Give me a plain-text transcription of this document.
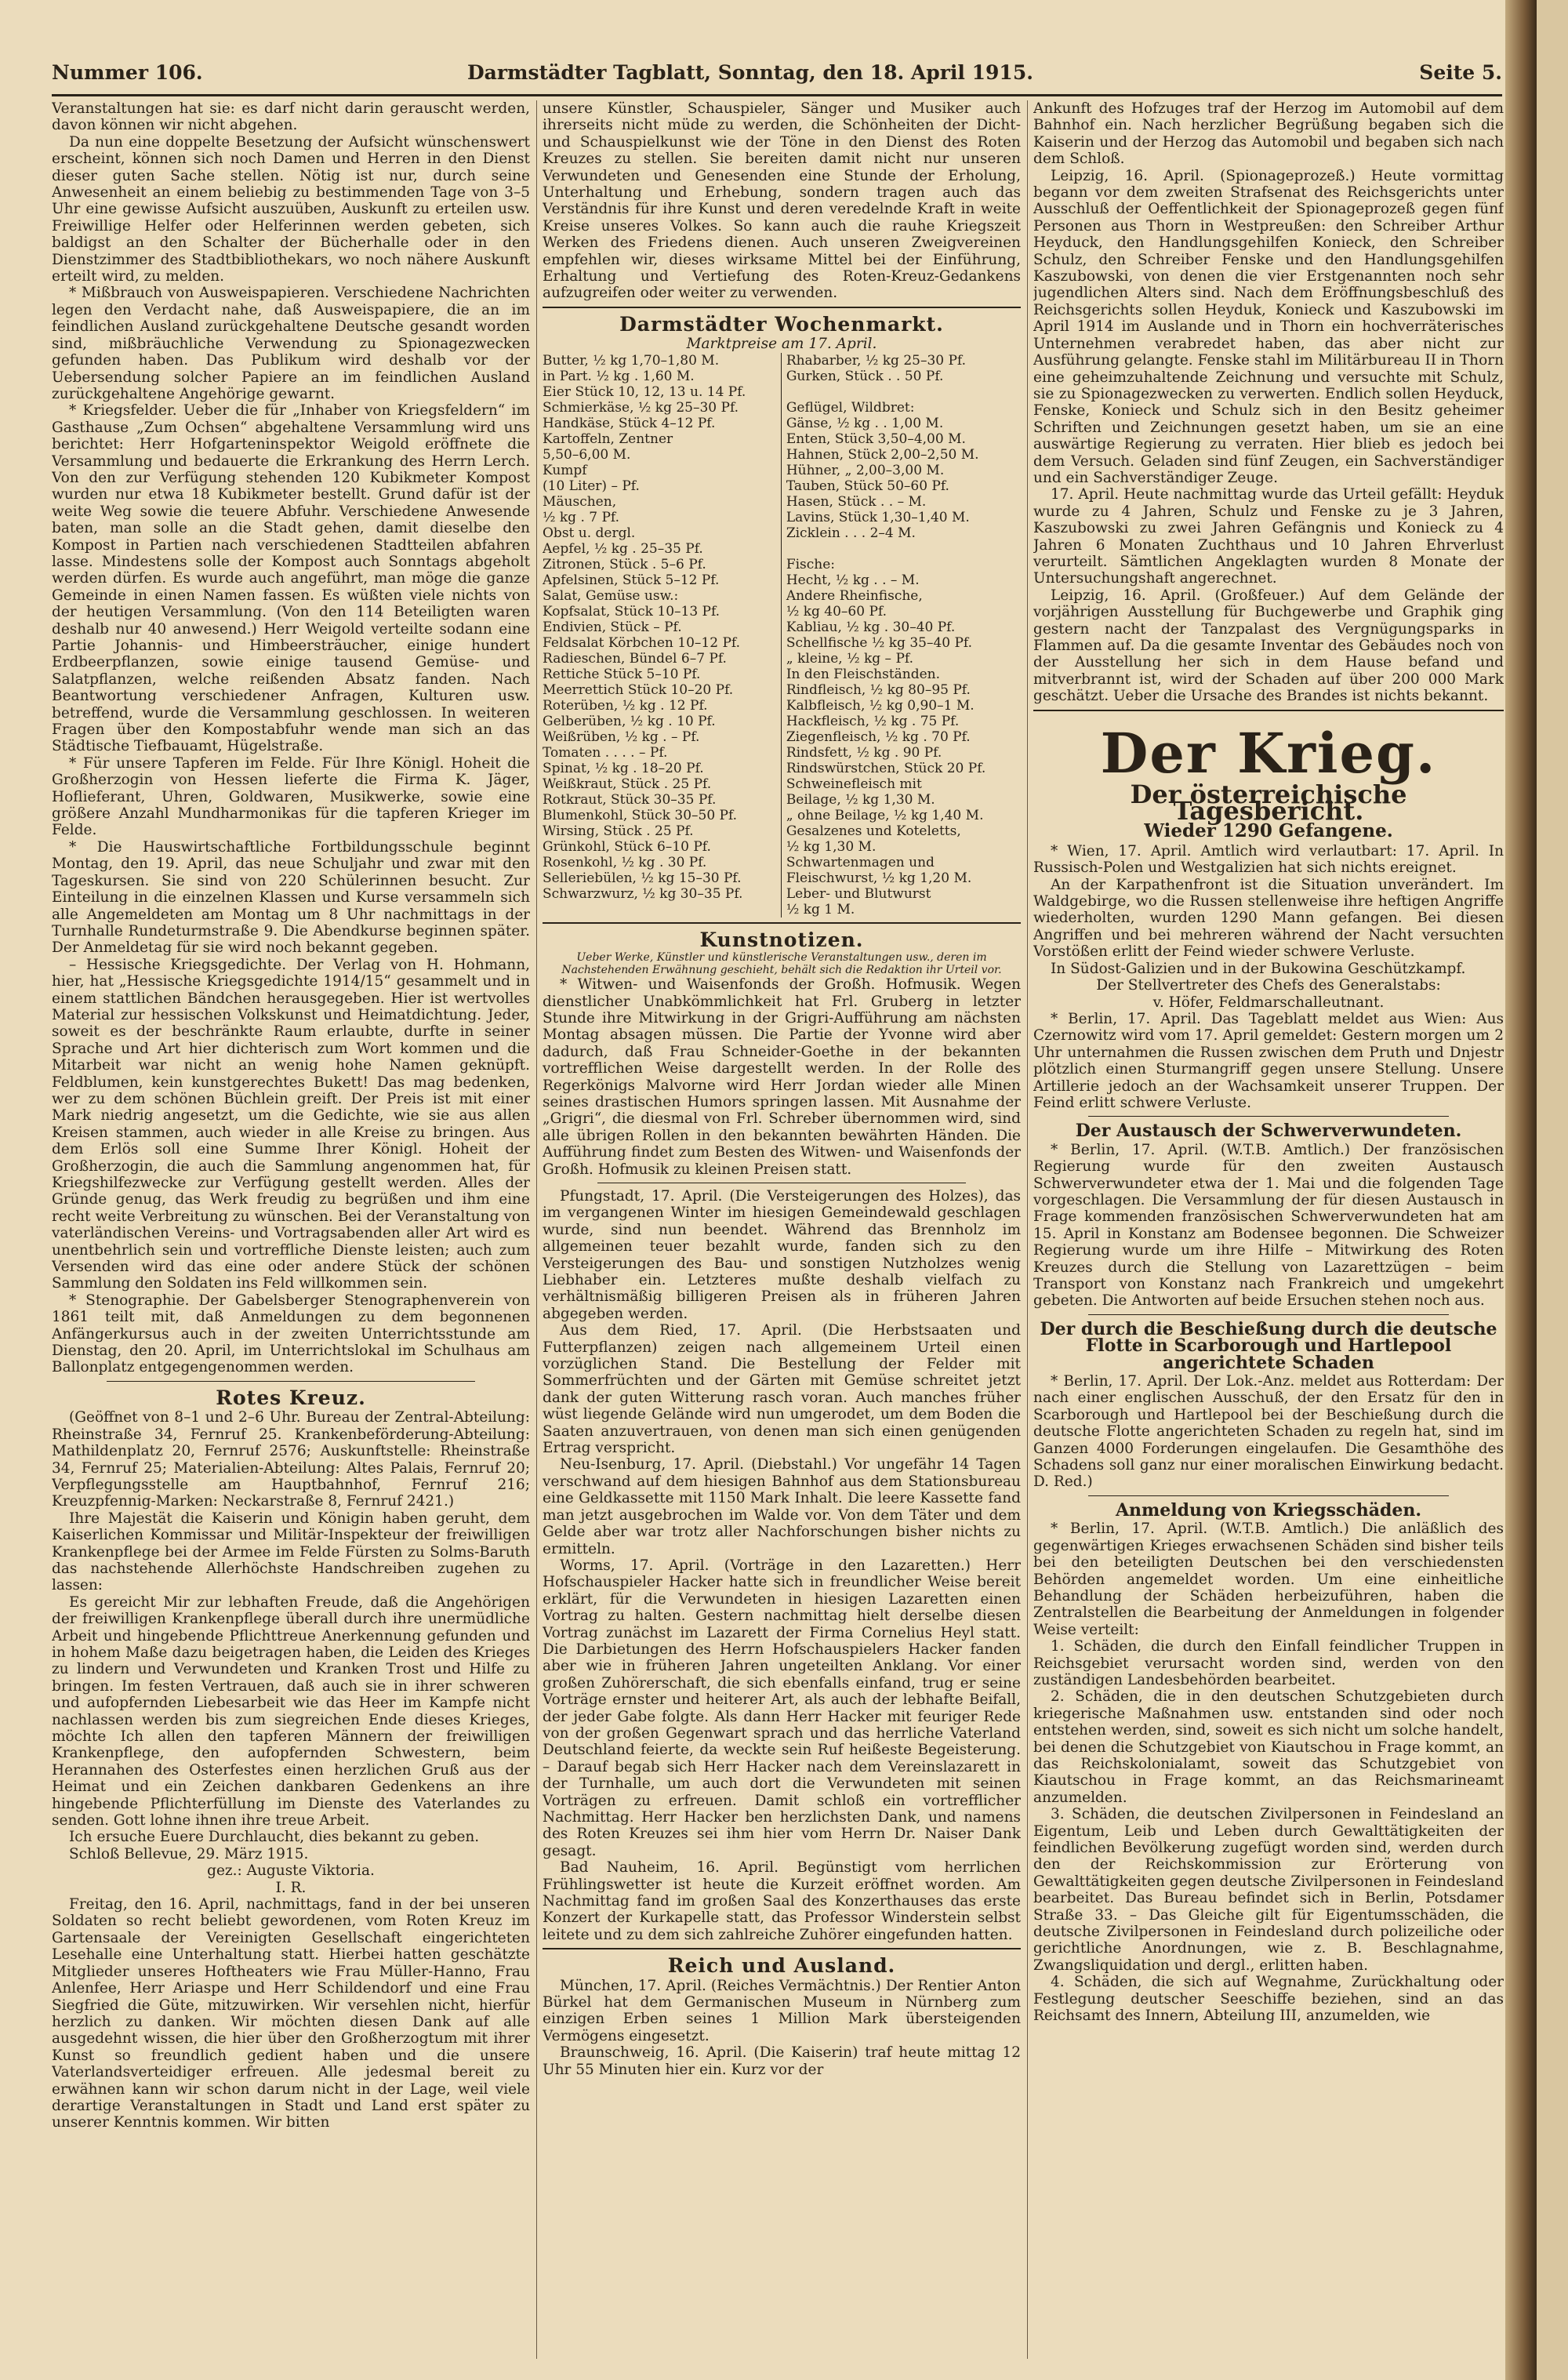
Nummer 106.	Darmstädter Tagblatt, Sonntag, den 18. April 1915.	Seite 5.

Veranstaltungen hat sie: es darf nicht darin gerauscht werden, davon können wir nicht abgehen.

Da nun eine doppelte Besetzung der Aufsicht wünschenswert erscheint, können sich noch Damen und Herren in den Dienst dieser guten Sache stellen. Nötig ist nur, durch seine Anwesenheit an einem beliebig zu bestimmenden Tage von 3–5 Uhr eine gewisse Aufsicht auszuüben, Auskunft zu erteilen usw. Freiwillige Helfer oder Helferinnen werden gebeten, sich baldigst an den Schalter der Bücherhalle oder in den Dienstzimmer des Stadtbibliothekars, wo noch nähere Auskunft erteilt wird, zu melden.

* Mißbrauch von Ausweispapieren. Verschiedene Nachrichten legen den Verdacht nahe, daß Ausweispapiere, die an im feindlichen Ausland zurückgehaltene Deutsche gesandt worden sind, mißbräuchliche Verwendung zu Spionagezwecken gefunden haben. Das Publikum wird deshalb vor der Uebersendung solcher Papiere an im feindlichen Ausland zurückgehaltene Angehörige gewarnt.

* Kriegsfelder. Ueber die für „Inhaber von Kriegsfeldern“ im Gasthause „Zum Ochsen“ abgehaltene Versammlung wird uns berichtet: Herr Hofgarteninspektor Weigold eröffnete die Versammlung und bedauerte die Erkrankung des Herrn Lerch. Von den zur Verfügung stehenden 120 Kubikmeter Kompost wurden nur etwa 18 Kubikmeter bestellt. Grund dafür ist der weite Weg sowie die teuere Abfuhr. Verschiedene Anwesende baten, man solle an die Stadt gehen, damit dieselbe den Kompost in Partien nach verschiedenen Stadtteilen abfahren lasse. Mindestens solle der Kompost auch Sonntags abgeholt werden dürfen. Es wurde auch angeführt, man möge die ganze Gemeinde in einen Namen fassen. Es wüßten viele nichts von der heutigen Versammlung. (Von den 114 Beteiligten waren deshalb nur 40 anwesend.) Herr Weigold verteilte sodann eine Partie Johannis- und Himbeersträucher, einige hundert Erdbeerpflanzen, sowie einige tausend Gemüse- und Salatpflanzen, welche reißenden Absatz fanden. Nach Beantwortung verschiedener Anfragen, Kulturen usw. betreffend, wurde die Versammlung geschlossen. In weiteren Fragen über den Kompostabfuhr wende man sich an das Städtische Tiefbauamt, Hügelstraße.

* Für unsere Tapferen im Felde. Für Ihre Königl. Hoheit die Großherzogin von Hessen lieferte die Firma K. Jäger, Hoflieferant, Uhren, Goldwaren, Musikwerke, sowie eine größere Anzahl Mundharmonikas für die tapferen Krieger im Felde.

* Die Hauswirtschaftliche Fortbildungsschule beginnt Montag, den 19. April, das neue Schuljahr und zwar mit den Tageskursen. Sie sind von 220 Schülerinnen besucht. Zur Einteilung in die einzelnen Klassen und Kurse versammeln sich alle Angemeldeten am Montag um 8 Uhr nachmittags in der Turnhalle Rundeturmstraße 9. Die Abendkurse beginnen später. Der Anmeldetag für sie wird noch bekannt gegeben.

– Hessische Kriegsgedichte. Der Verlag von H. Hohmann, hier, hat „Hessische Kriegsgedichte 1914/15“ gesammelt und in einem stattlichen Bändchen herausgegeben. Hier ist wertvolles Material zur hessischen Volkskunst und Heimatdichtung. Jeder, soweit es der beschränkte Raum erlaubte, durfte in seiner Sprache und Art hier dichterisch zum Wort kommen und die Mitarbeit war nicht an wenig hohe Namen geknüpft. Feldblumen, kein kunstgerechtes Bukett! Das mag bedenken, wer zu dem schönen Büchlein greift. Der Preis ist mit einer Mark niedrig angesetzt, um die Gedichte, wie sie aus allen Kreisen stammen, auch wieder in alle Kreise zu bringen. Aus dem Erlös soll eine Summe Ihrer Königl. Hoheit der Großherzogin, die auch die Sammlung angenommen hat, für Kriegshilfezwecke zur Verfügung gestellt werden. Alles der Gründe genug, das Werk freudig zu begrüßen und ihm eine recht weite Verbreitung zu wünschen. Bei der Veranstaltung von vaterländischen Vereins- und Vortragsabenden aller Art wird es unentbehrlich sein und vortreffliche Dienste leisten; auch zum Versenden wird das eine oder andere Stück der schönen Sammlung den Soldaten ins Feld willkommen sein.

* Stenographie. Der Gabelsberger Stenographenverein von 1861 teilt mit, daß Anmeldungen zu dem begonnenen Anfängerkursus auch in der zweiten Unterrichtsstunde am Dienstag, den 20. April, im Unterrichtslokal im Schulhaus am Ballonplatz entgegengenommen werden.

Rotes Kreuz.

(Geöffnet von 8–1 und 2–6 Uhr. Bureau der Zentral-Abteilung: Rheinstraße 34, Fernruf 25. Krankenbeförderung-Abteilung: Mathildenplatz 20, Fernruf 2576; Auskunftstelle: Rheinstraße 34, Fernruf 25; Materialien-Abteilung: Altes Palais, Fernruf 20; Verpflegungsstelle am Hauptbahnhof, Fernruf 216; Kreuzpfennig-Marken: Neckarstraße 8, Fernruf 2421.)

Ihre Majestät die Kaiserin und Königin haben geruht, dem Kaiserlichen Kommissar und Militär-Inspekteur der freiwilligen Krankenpflege bei der Armee im Felde Fürsten zu Solms-Baruth das nachstehende Allerhöchste Handschreiben zugehen zu lassen:

Es gereicht Mir zur lebhaften Freude, daß die Angehörigen der freiwilligen Krankenpflege überall durch ihre unermüdliche Arbeit und hingebende Pflichttreue Anerkennung gefunden und in hohem Maße dazu beigetragen haben, die Leiden des Krieges zu lindern und Verwundeten und Kranken Trost und Hilfe zu bringen. Im festen Vertrauen, daß auch sie in ihrer schweren und aufopfernden Liebesarbeit wie das Heer im Kampfe nicht nachlassen werden bis zum siegreichen Ende dieses Krieges, möchte Ich allen den tapferen Männern der freiwilligen Krankenpflege, den aufopfernden Schwestern, beim Herannahen des Osterfestes einen herzlichen Gruß aus der Heimat und ein Zeichen dankbaren Gedenkens an ihre hingebende Pflichterfüllung im Dienste des Vaterlandes zu senden. Gott lohne ihnen ihre treue Arbeit.

Ich ersuche Euere Durchlaucht, dies bekannt zu geben.

Schloß Bellevue, 29. März 1915.

gez.: Auguste Viktoria.

I. R.

Freitag, den 16. April, nachmittags, fand in der bei unseren Soldaten so recht beliebt gewordenen, vom Roten Kreuz im Gartensaale der Vereinigten Gesellschaft eingerichteten Lesehalle eine Unterhaltung statt. Hierbei hatten geschätzte Mitglieder unseres Hoftheaters wie Frau Müller-Hanno, Frau Anlenfee, Herr Ariaspe und Herr Schildendorf und eine Frau Siegfried die Güte, mitzuwirken. Wir versehlen nicht, hierfür herzlich zu danken. Wir möchten diesen Dank auf alle ausgedehnt wissen, die hier über den Großherzogtum mit ihrer Kunst so freundlich gedient haben und die unsere Vaterlandsverteidiger erfreuen. Alle jedesmal bereit zu erwähnen kann wir schon darum nicht in der Lage, weil viele derartige Veranstaltungen in Stadt und Land erst später zu unserer Kenntnis kommen. Wir bitten

unsere Künstler, Schauspieler, Sänger und Musiker auch ihrerseits nicht müde zu werden, die Schönheiten der Dicht- und Schauspielkunst wie der Töne in den Dienst des Roten Kreuzes zu stellen. Sie bereiten damit nicht nur unseren Verwundeten und Genesenden eine Stunde der Erholung, Unterhaltung und Erhebung, sondern tragen auch das Verständnis für ihre Kunst und deren veredelnde Kraft in weite Kreise unseres Volkes. So kann auch die rauhe Kriegszeit Werken des Friedens dienen. Auch unseren Zweigvereinen empfehlen wir, dieses wirksame Mittel bei der Einführung, Erhaltung und Vertiefung des Roten-Kreuz-Gedankens aufzugreifen oder weiter zu verwenden.

Darmstädter Wochenmarkt.
Marktpreise am 17. April.
Butter, ½ kg 1,70–1,80 M.	Rhabarber, ½ kg 25–30 Pf.
in Part. ½ kg . 1,60 M.	Gurken, Stück . . 50 Pf.
Eier Stück 10, 12, 13 u. 14 Pf.	
Schmierkäse, ½ kg 25–30 Pf.	Geflügel, Wildbret:
Handkäse, Stück 4–12 Pf.	Gänse, ½ kg . . 1,00 M.
Kartoffeln, Zentner	Enten, Stück 3,50–4,00 M.
5,50–6,00 M.	Hahnen, Stück 2,00–2,50 M.
Kumpf	Hühner, „ 2,00–3,00 M.
(10 Liter) – Pf.	Tauben, Stück 50–60 Pf.
Mäuschen,	Hasen, Stück . . – M.
½ kg . 7 Pf.	Lavins, Stück 1,30–1,40 M.
Obst u. dergl.	Zicklein . . . 2–4 M.
Aepfel, ½ kg . 25–35 Pf.	
Zitronen, Stück . 5–6 Pf.	Fische:
Apfelsinen, Stück 5–12 Pf.	Hecht, ½ kg . . – M.
Salat, Gemüse usw.:	Andere Rheinfische,
Kopfsalat, Stück 10–13 Pf.	½ kg 40–60 Pf.
Endivien, Stück – Pf.	Kabliau, ½ kg . 30–40 Pf.
Feldsalat Körbchen 10–12 Pf.	Schellfische ½ kg 35–40 Pf.
Radieschen, Bündel 6–7 Pf.	„ kleine, ½ kg – Pf.
Rettiche Stück 5–10 Pf.	In den Fleischständen.
Meerrettich Stück 10–20 Pf.	Rindfleisch, ½ kg 80–95 Pf.
Roterüben, ½ kg . 12 Pf.	Kalbfleisch, ½ kg 0,90–1 M.
Gelberüben, ½ kg . 10 Pf.	Hackfleisch, ½ kg . 75 Pf.
Weißrüben, ½ kg . – Pf.	Ziegenfleisch, ½ kg . 70 Pf.
Tomaten . . . . – Pf.	Rindsfett, ½ kg . 90 Pf.
Spinat, ½ kg . 18–20 Pf.	Rindswürstchen, Stück 20 Pf.
Weißkraut, Stück . 25 Pf.	Schweinefleisch mit
Rotkraut, Stück 30–35 Pf.	Beilage, ½ kg 1,30 M.
Blumenkohl, Stück 30–50 Pf.	„ ohne Beilage, ½ kg 1,40 M.
Wirsing, Stück . 25 Pf.	Gesalzenes und Koteletts,
Grünkohl, Stück 6–10 Pf.	½ kg 1,30 M.
Rosenkohl, ½ kg . 30 Pf.	Schwartenmagen und
Selleriebülen, ½ kg 15–30 Pf.	Fleischwurst, ½ kg 1,20 M.
Schwarzwurz, ½ kg 30–35 Pf.	Leber- und Blutwurst
	½ kg 1 M.
Kunstnotizen.
Ueber Werke, Künstler und künstlerische Veranstaltungen usw., deren im Nachstehenden Erwähnung geschieht, behält sich die Redaktion ihr Urteil vor.

* Witwen- und Waisenfonds der Großh. Hofmusik. Wegen dienstlicher Unabkömmlichkeit hat Frl. Gruberg in letzter Stunde ihre Mitwirkung in der Grigri-Aufführung am nächsten Montag absagen müssen. Die Partie der Yvonne wird aber dadurch, daß Frau Schneider-Goethe in der bekannten vortrefflichen Weise dargestellt werden. In der Rolle des Regerkönigs Malvorne wird Herr Jordan wieder alle Minen seines drastischen Humors springen lassen. Mit Ausnahme der „Grigri“, die diesmal von Frl. Schreber übernommen wird, sind alle übrigen Rollen in den bekannten bewährten Händen. Die Aufführung findet zum Besten des Witwen- und Waisenfonds der Großh. Hofmusik zu kleinen Preisen statt.

Pfungstadt, 17. April. (Die Versteigerungen des Holzes), das im vergangenen Winter im hiesigen Gemeindewald geschlagen wurde, sind nun beendet. Während das Brennholz im allgemeinen teuer bezahlt wurde, fanden sich zu den Versteigerungen des Bau- und sonstigen Nutzholzes wenig Liebhaber ein. Letzteres mußte deshalb vielfach zu verhältnismäßig billigeren Preisen als in früheren Jahren abgegeben werden.

Aus dem Ried, 17. April. (Die Herbstsaaten und Futterpflanzen) zeigen nach allgemeinem Urteil einen vorzüglichen Stand. Die Bestellung der Felder mit Sommerfrüchten und der Gärten mit Gemüse schreitet jetzt dank der guten Witterung rasch voran. Auch manches früher wüst liegende Gelände wird nun umgerodet, um dem Boden die Saaten anzuvertrauen, von denen man sich einen genügenden Ertrag verspricht.

Neu-Isenburg, 17. April. (Diebstahl.) Vor ungefähr 14 Tagen verschwand auf dem hiesigen Bahnhof aus dem Stationsbureau eine Geldkassette mit 1150 Mark Inhalt. Die leere Kassette fand man jetzt ausgebrochen im Walde vor. Von dem Täter und dem Gelde aber war trotz aller Nachforschungen bisher nichts zu ermitteln.

Worms, 17. April. (Vorträge in den Lazaretten.) Herr Hofschauspieler Hacker hatte sich in freundlicher Weise bereit erklärt, für die Verwundeten in hiesigen Lazaretten einen Vortrag zu halten. Gestern nachmittag hielt derselbe diesen Vortrag zunächst im Lazarett der Firma Cornelius Heyl statt. Die Darbietungen des Herrn Hofschauspielers Hacker fanden aber wie in früheren Jahren ungeteilten Anklang. Vor einer großen Zuhörerschaft, die sich ebenfalls einfand, trug er seine Vorträge ernster und heiterer Art, als auch der lebhafte Beifall, der jeder Gabe folgte. Als dann Herr Hacker mit feuriger Rede von der großen Gegenwart sprach und das herrliche Vaterland Deutschland feierte, da weckte sein Ruf heißeste Begeisterung. – Darauf begab sich Herr Hacker nach dem Vereinslazarett in der Turnhalle, um auch dort die Verwundeten mit seinen Vorträgen zu erfreuen. Damit schloß ein vortrefflicher Nachmittag. Herr Hacker ben herzlichsten Dank, und namens des Roten Kreuzes sei ihm hier vom Herrn Dr. Naiser Dank gesagt.

Bad Nauheim, 16. April. Begünstigt vom herrlichen Frühlingswetter ist heute die Kurzeit eröffnet worden. Am Nachmittag fand im großen Saal des Konzerthauses das erste Konzert der Kurkapelle statt, das Professor Winderstein selbst leitete und zu dem sich zahlreiche Zuhörer eingefunden hatten.

Reich und Ausland.

München, 17. April. (Reiches Vermächtnis.) Der Rentier Anton Bürkel hat dem Germanischen Museum in Nürnberg zum einzigen Erben seines 1 Million Mark übersteigenden Vermögens eingesetzt.

Braunschweig, 16. April. (Die Kaiserin) traf heute mittag 12 Uhr 55 Minuten hier ein. Kurz vor der

Ankunft des Hofzuges traf der Herzog im Automobil auf dem Bahnhof ein. Nach herzlicher Begrüßung begaben sich die Kaiserin und der Herzog das Automobil und begaben sich nach dem Schloß.

Leipzig, 16. April. (Spionageprozeß.) Heute vormittag begann vor dem zweiten Strafsenat des Reichsgerichts unter Ausschluß der Oeffentlichkeit der Spionageprozeß gegen fünf Personen aus Thorn in Westpreußen: den Schreiber Arthur Heyduck, den Handlungsgehilfen Konieck, den Schreiber Schulz, den Schreiber Fenske und den Handlungsgehilfen Kaszubowski, von denen die vier Erstgenannten noch sehr jugendlichen Alters sind. Nach dem Eröffnungsbeschluß des Reichsgerichts sollen Heyduk, Konieck und Kaszubowski im April 1914 im Auslande und in Thorn ein hochverräterisches Unternehmen verabredet haben, das aber nicht zur Ausführung gelangte. Fenske stahl im Militärbureau II in Thorn eine geheimzuhaltende Zeichnung und versuchte mit Schulz, sie zu Spionagezwecken zu verwerten. Endlich sollen Heyduck, Fenske, Konieck und Schulz sich in den Besitz geheimer Schriften und Zeichnungen gesetzt haben, um sie an eine auswärtige Regierung zu verraten. Hier blieb es jedoch bei dem Versuch. Geladen sind fünf Zeugen, ein Sachverständiger und ein Sachverständiger Zeuge.

17. April. Heute nachmittag wurde das Urteil gefällt: Heyduk wurde zu 4 Jahren, Schulz und Fenske zu je 3 Jahren, Kaszubowski zu zwei Jahren Gefängnis und Konieck zu 4 Jahren 6 Monaten Zuchthaus und 10 Jahren Ehrverlust verurteilt. Sämtlichen Angeklagten wurden 8 Monate der Untersuchungshaft angerechnet.

Leipzig, 16. April. (Großfeuer.) Auf dem Gelände der vorjährigen Ausstellung für Buchgewerbe und Graphik ging gestern nacht der Tanzpalast des Vergnügungsparks in Flammen auf. Da die gesamte Inventar des Gebäudes noch von der Ausstellung her sich in dem Hause befand und mitverbrannt ist, wird der Schaden auf über 200 000 Mark geschätzt. Ueber die Ursache des Brandes ist nichts bekannt.

Der Krieg.
Der österreichische Tagesbericht.
Wieder 1290 Gefangene.

* Wien, 17. April. Amtlich wird verlautbart: 17. April. In Russisch-Polen und Westgalizien hat sich nichts ereignet.

An der Karpathenfront ist die Situation unverändert. Im Waldgebirge, wo die Russen stellenweise ihre heftigen Angriffe wiederholten, wurden 1290 Mann gefangen. Bei diesen Angriffen und bei mehreren während der Nacht versuchten Vorstößen erlitt der Feind wieder schwere Verluste.

In Südost-Galizien und in der Bukowina Geschützkampf.

Der Stellvertreter des Chefs des Generalstabs:

v. Höfer, Feldmarschalleutnant.

* Berlin, 17. April. Das Tageblatt meldet aus Wien: Aus Czernowitz wird vom 17. April gemeldet: Gestern morgen um 2 Uhr unternahmen die Russen zwischen dem Pruth und Dnjestr plötzlich einen Sturmangriff gegen unsere Stellung. Unsere Artillerie jedoch an der Wachsamkeit unserer Truppen. Der Feind erlitt schwere Verluste.

Der Austausch der Schwerverwundeten.

* Berlin, 17. April. (W.T.B. Amtlich.) Der französischen Regierung wurde für den zweiten Austausch Schwerverwundeter etwa der 1. Mai und die folgenden Tage vorgeschlagen. Die Versammlung der für diesen Austausch in Frage kommenden französischen Schwerverwundeten hat am 15. April in Konstanz am Bodensee begonnen. Die Schweizer Regierung wurde um ihre Hilfe – Mitwirkung des Roten Kreuzes durch die Stellung von Lazarettzügen – beim Transport von Konstanz nach Frankreich und umgekehrt gebeten. Die Antworten auf beide Ersuchen stehen noch aus.

Der durch die Beschießung durch die deutsche Flotte in Scarborough und Hartlepool angerichtete Schaden

* Berlin, 17. April. Der Lok.-Anz. meldet aus Rotterdam: Der nach einer englischen Ausschuß, der den Ersatz für den in Scarborough und Hartlepool bei der Beschießung durch die deutsche Flotte angerichteten Schaden zu regeln hat, sind im Ganzen 4000 Forderungen eingelaufen. Die Gesamthöhe des Schadens soll ganz nur einer moralischen Einwirkung bedacht. D. Red.)

Anmeldung von Kriegsschäden.

* Berlin, 17. April. (W.T.B. Amtlich.) Die anläßlich des gegenwärtigen Krieges erwachsenen Schäden sind bisher teils bei den beteiligten Deutschen bei den verschiedensten Behörden angemeldet worden. Um eine einheitliche Behandlung der Schäden herbeizuführen, haben die Zentralstellen die Bearbeitung der Anmeldungen in folgender Weise verteilt:

1. Schäden, die durch den Einfall feindlicher Truppen in Reichsgebiet verursacht worden sind, werden von den zuständigen Landesbehörden bearbeitet.

2. Schäden, die in den deutschen Schutzgebieten durch kriegerische Maßnahmen usw. entstanden sind oder noch entstehen werden, sind, soweit es sich nicht um solche handelt, bei denen die Schutzgebiet von Kiautschou in Frage kommt, an das Reichskolonialamt, soweit das Schutzgebiet von Kiautschou in Frage kommt, an das Reichsmarineamt anzumelden.

3. Schäden, die deutschen Zivilpersonen in Feindesland an Eigentum, Leib und Leben durch Gewalttätigkeiten der feindlichen Bevölkerung zugefügt worden sind, werden durch den der Reichskommission zur Erörterung von Gewalttätigkeiten gegen deutsche Zivilpersonen in Feindesland bearbeitet. Das Bureau befindet sich in Berlin, Potsdamer Straße 33. – Das Gleiche gilt für Eigentumsschäden, die deutsche Zivilpersonen in Feindesland durch polizeiliche oder gerichtliche Anordnungen, wie z. B. Beschlagnahme, Zwangsliquidation und dergl., erlitten haben.

4. Schäden, die sich auf Wegnahme, Zurückhaltung oder Festlegung deutscher Seeschiffe beziehen, sind an das Reichsamt des Innern, Abteilung III, anzumelden, wie
